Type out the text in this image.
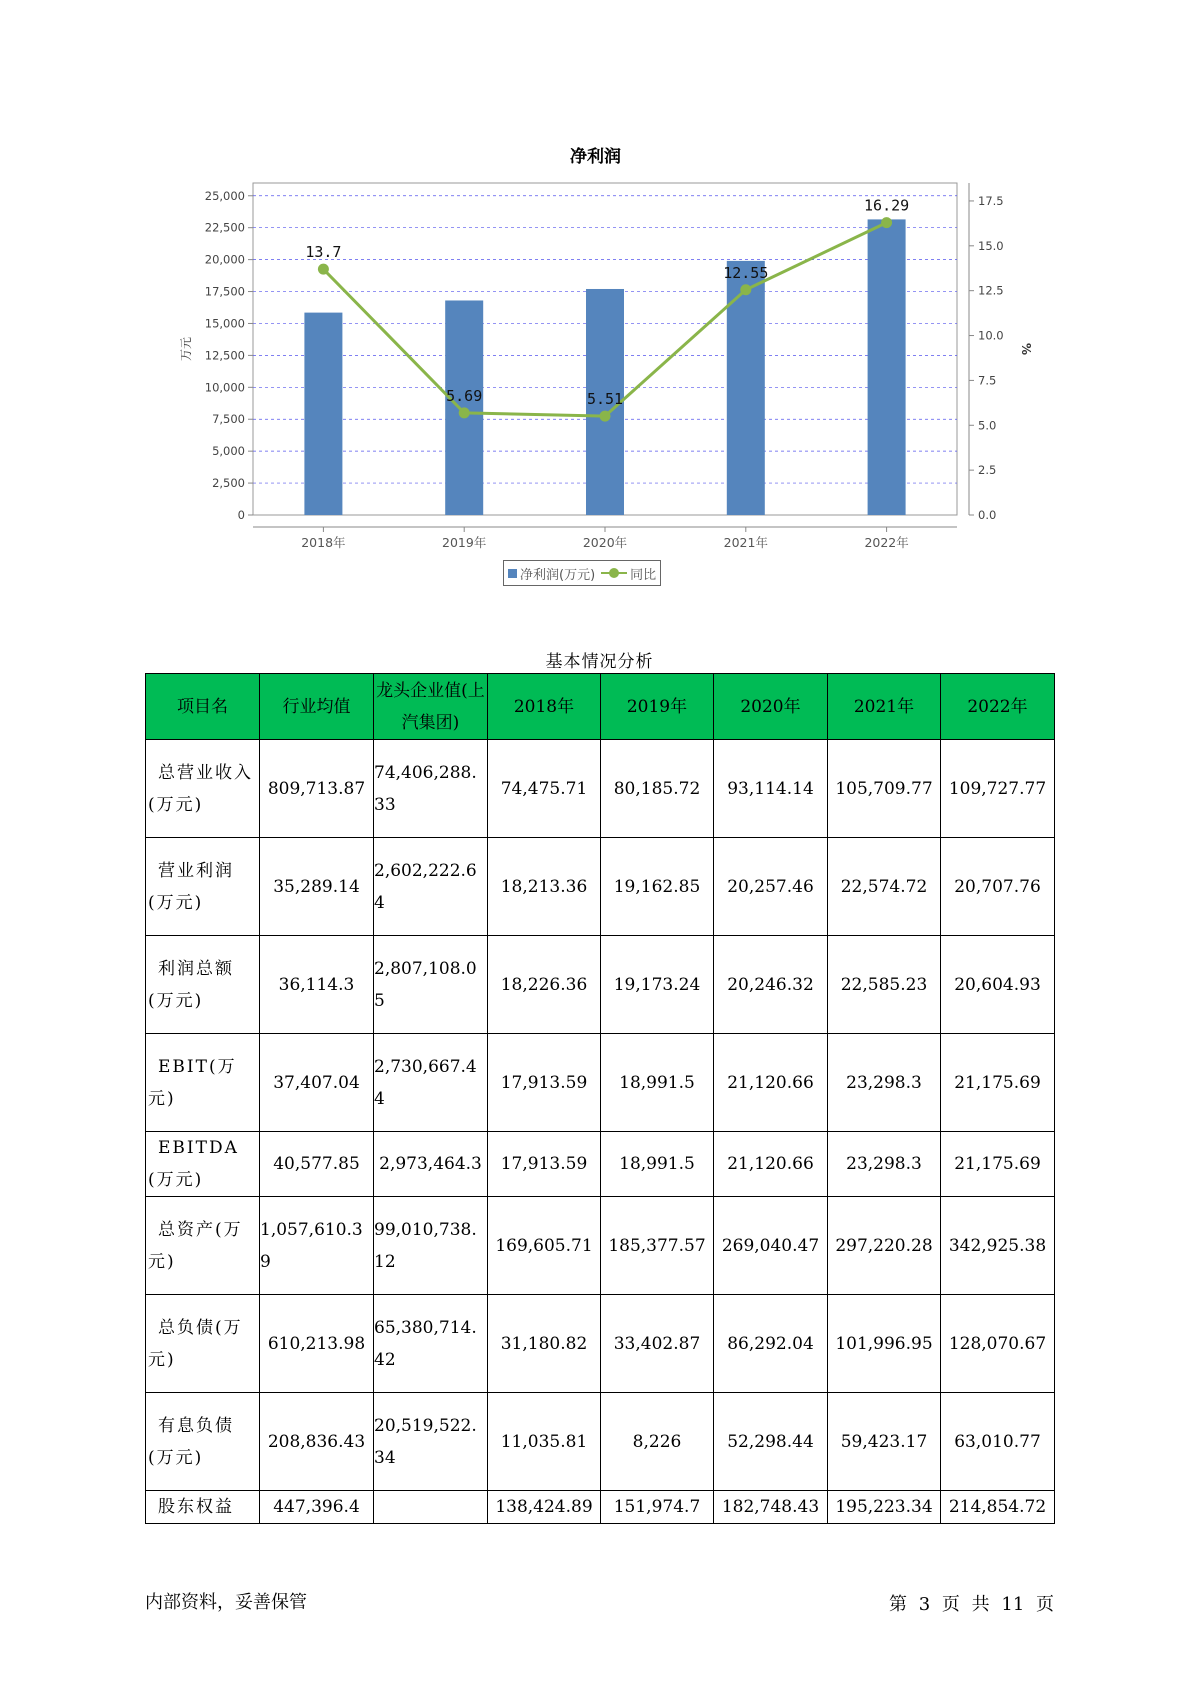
净利润
0
2,500
5,000
7,500
10,000
12,500
15,000
17,500
20,000
22,500
25,000
0.0
2.5
5.0
7.5
10.0
12.5
15.0
17.5
2018年	2019年	2020年	2021年	2022年
万元	%
13.7
5.69	5.51
12.55
16.29
净利润(万元)	同比
基本情况分析
项目名	行业均值	龙头企业值(上汽集团)	2018年	2019年	2020年	2021年	2022年
总营业收入(万元)	809,713.87	74,406,288.33	74,475.71	80,185.72	93,114.14	105,709.77	109,727.77
营业利润(万元)	35,289.14	2,602,222.64	18,213.36	19,162.85	20,257.46	22,574.72	20,707.76
利润总额(万元)	36,114.3	2,807,108.05	18,226.36	19,173.24	20,246.32	22,585.23	20,604.93
EBIT(万元)	37,407.04	2,730,667.44	17,913.59	18,991.5	21,120.66	23,298.3	21,175.69
EBITDA(万元)	40,577.85	2,973,464.3	17,913.59	18,991.5	21,120.66	23,298.3	21,175.69
总资产(万元)	1,057,610.39	99,010,738.12	169,605.71	185,377.57	269,040.47	297,220.28	342,925.38
总负债(万元)	610,213.98	65,380,714.42	31,180.82	33,402.87	86,292.04	101,996.95	128,070.67
有息负债(万元)	208,836.43	20,519,522.34	11,035.81	8,226	52,298.44	59,423.17	63,010.77
股东权益	447,396.4		138,424.89	151,974.7	182,748.43	195,223.34	214,854.72
内部资料，妥善保管	第 3 页 共 11 页
